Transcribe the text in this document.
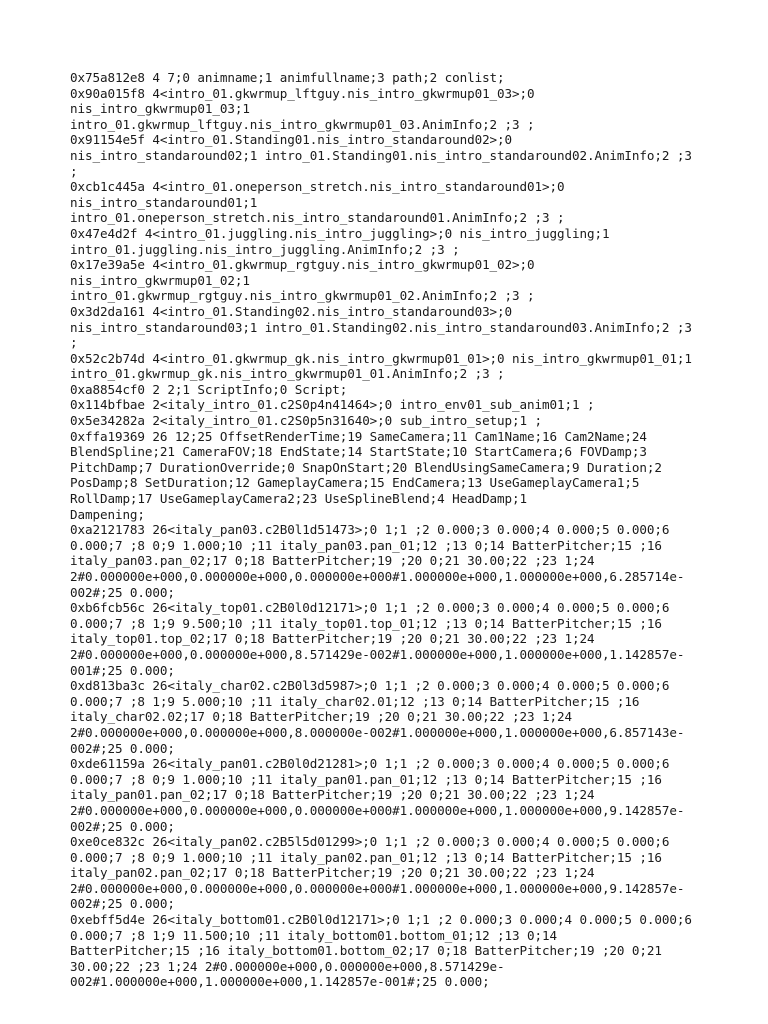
0x75a812e8 4 7;0 animname;1 animfullname;3 path;2 conlist;
0x90a015f8 4<intro_01.gkwrmup_lftguy.nis_intro_gkwrmup01_03>;0
nis_intro_gkwrmup01_03;1
intro_01.gkwrmup_lftguy.nis_intro_gkwrmup01_03.AnimInfo;2 ;3 ;
0x91154e5f 4<intro_01.Standing01.nis_intro_standaround02>;0
nis_intro_standaround02;1 intro_01.Standing01.nis_intro_standaround02.AnimInfo;2 ;3
;
0xcb1c445a 4<intro_01.oneperson_stretch.nis_intro_standaround01>;0
nis_intro_standaround01;1
intro_01.oneperson_stretch.nis_intro_standaround01.AnimInfo;2 ;3 ;
0x47e4d2f 4<intro_01.juggling.nis_intro_juggling>;0 nis_intro_juggling;1
intro_01.juggling.nis_intro_juggling.AnimInfo;2 ;3 ;
0x17e39a5e 4<intro_01.gkwrmup_rgtguy.nis_intro_gkwrmup01_02>;0
nis_intro_gkwrmup01_02;1
intro_01.gkwrmup_rgtguy.nis_intro_gkwrmup01_02.AnimInfo;2 ;3 ;
0x3d2da161 4<intro_01.Standing02.nis_intro_standaround03>;0
nis_intro_standaround03;1 intro_01.Standing02.nis_intro_standaround03.AnimInfo;2 ;3
;
0x52c2b74d 4<intro_01.gkwrmup_gk.nis_intro_gkwrmup01_01>;0 nis_intro_gkwrmup01_01;1
intro_01.gkwrmup_gk.nis_intro_gkwrmup01_01.AnimInfo;2 ;3 ;
0xa8854cf0 2 2;1 ScriptInfo;0 Script;
0x114bfbae 2<italy_intro_01.c2S0p4n41464>;0 intro_env01_sub_anim01;1 ;
0x5e34282a 2<italy_intro_01.c2S0p5n31640>;0 sub_intro_setup;1 ;
0xffa19369 26 12;25 OffsetRenderTime;19 SameCamera;11 Cam1Name;16 Cam2Name;24
BlendSpline;21 CameraFOV;18 EndState;14 StartState;10 StartCamera;6 FOVDamp;3
PitchDamp;7 DurationOverride;0 SnapOnStart;20 BlendUsingSameCamera;9 Duration;2
PosDamp;8 SetDuration;12 GameplayCamera;15 EndCamera;13 UseGameplayCamera1;5
RollDamp;17 UseGameplayCamera2;23 UseSplineBlend;4 HeadDamp;1
Dampening;
0xa2121783 26<italy_pan03.c2B0l1d51473>;0 1;1 ;2 0.000;3 0.000;4 0.000;5 0.000;6
0.000;7 ;8 0;9 1.000;10 ;11 italy_pan03.pan_01;12 ;13 0;14 BatterPitcher;15 ;16
italy_pan03.pan_02;17 0;18 BatterPitcher;19 ;20 0;21 30.00;22 ;23 1;24
2#0.000000e+000,0.000000e+000,0.000000e+000#1.000000e+000,1.000000e+000,6.285714e-
002#;25 0.000;
0xb6fcb56c 26<italy_top01.c2B0l0d12171>;0 1;1 ;2 0.000;3 0.000;4 0.000;5 0.000;6
0.000;7 ;8 1;9 9.500;10 ;11 italy_top01.top_01;12 ;13 0;14 BatterPitcher;15 ;16
italy_top01.top_02;17 0;18 BatterPitcher;19 ;20 0;21 30.00;22 ;23 1;24
2#0.000000e+000,0.000000e+000,8.571429e-002#1.000000e+000,1.000000e+000,1.142857e-
001#;25 0.000;
0xd813ba3c 26<italy_char02.c2B0l3d5987>;0 1;1 ;2 0.000;3 0.000;4 0.000;5 0.000;6
0.000;7 ;8 1;9 5.000;10 ;11 italy_char02.01;12 ;13 0;14 BatterPitcher;15 ;16
italy_char02.02;17 0;18 BatterPitcher;19 ;20 0;21 30.00;22 ;23 1;24
2#0.000000e+000,0.000000e+000,8.000000e-002#1.000000e+000,1.000000e+000,6.857143e-
002#;25 0.000;
0xde61159a 26<italy_pan01.c2B0l0d21281>;0 1;1 ;2 0.000;3 0.000;4 0.000;5 0.000;6
0.000;7 ;8 0;9 1.000;10 ;11 italy_pan01.pan_01;12 ;13 0;14 BatterPitcher;15 ;16
italy_pan01.pan_02;17 0;18 BatterPitcher;19 ;20 0;21 30.00;22 ;23 1;24
2#0.000000e+000,0.000000e+000,0.000000e+000#1.000000e+000,1.000000e+000,9.142857e-
002#;25 0.000;
0xe0ce832c 26<italy_pan02.c2B5l5d01299>;0 1;1 ;2 0.000;3 0.000;4 0.000;5 0.000;6
0.000;7 ;8 0;9 1.000;10 ;11 italy_pan02.pan_01;12 ;13 0;14 BatterPitcher;15 ;16
italy_pan02.pan_02;17 0;18 BatterPitcher;19 ;20 0;21 30.00;22 ;23 1;24
2#0.000000e+000,0.000000e+000,0.000000e+000#1.000000e+000,1.000000e+000,9.142857e-
002#;25 0.000;
0xebff5d4e 26<italy_bottom01.c2B0l0d12171>;0 1;1 ;2 0.000;3 0.000;4 0.000;5 0.000;6
0.000;7 ;8 1;9 11.500;10 ;11 italy_bottom01.bottom_01;12 ;13 0;14
BatterPitcher;15 ;16 italy_bottom01.bottom_02;17 0;18 BatterPitcher;19 ;20 0;21
30.00;22 ;23 1;24 2#0.000000e+000,0.000000e+000,8.571429e-
002#1.000000e+000,1.000000e+000,1.142857e-001#;25 0.000;
